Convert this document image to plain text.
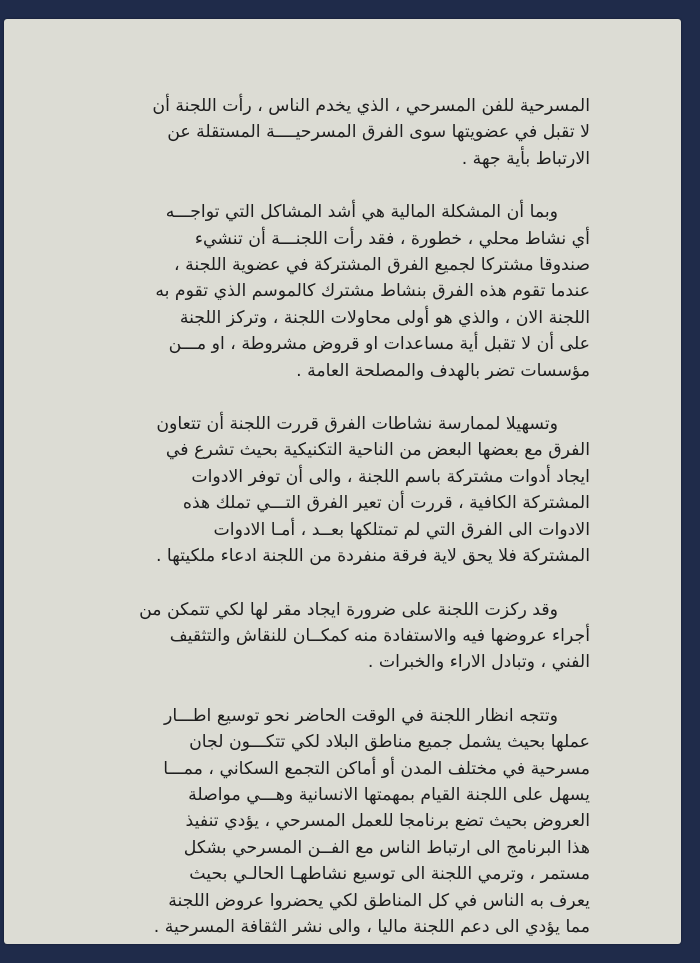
المسرحية للفن المسرحي ، الذي يخدم الناس ، رأت اللجنة أن
لا تقبل في عضويتها سوى الفرق المسرحيــــة المستقلة عن
الارتباط بأية جهة .

وبما أن المشكلة المالية هي أشد المشاكل التي تواجـــه
أي نشاط محلي ، خطورة ، فقد رأت اللجنـــة أن تنشيء
صندوقا مشتركا لجميع الفرق المشتركة في عضوية اللجنة ،
عندما تقوم هذه الفرق بنشاط مشترك كالموسم الذي تقوم به
اللجنة الان ، والذي هو أولى محاولات اللجنة ، وتركز اللجنة
على أن لا تقبل أية مساعدات او قروض مشروطة ، او مـــن
مؤسسات تضر بالهدف والمصلحة العامة .

وتسهيلا لممارسة نشاطات الفرق قررت اللجنة أن تتعاون
الفرق مع بعضها البعض من الناحية التكنيكية بحيث تشرع في
ايجاد أدوات مشتركة باسم اللجنة ، والى أن توفر الادوات
المشتركة الكافية ، قررت أن تعير الفرق التـــي تملك هذه
الادوات الى الفرق التي لم تمتلكها بعــد ، أمـا الادوات
المشتركة فلا يحق لاية فرقة منفردة من اللجنة ادعاء ملكيتها .

وقد ركزت اللجنة على ضرورة ايجاد مقر لها لكي تتمكن من
أجراء عروضها فيه والاستفادة منه كمكــان للنقاش والتثقيف
الفني ، وتبادل الاراء والخبرات .

وتتجه انظار اللجنة في الوقت الحاضر نحو توسيع اطـــار
عملها بحيث يشمل جميع مناطق البلاد لكي تتكـــون لجان
مسرحية في مختلف المدن أو أماكن التجمع السكاني ، ممـــا
يسهل على اللجنة القيام بمهمتها الانسانية وهـــي مواصلة
العروض بحيث تضع برنامجا للعمل المسرحي ، يؤدي تنفيذ
هذا البرنامج الى ارتباط الناس مع الفــن المسرحي بشكل
مستمر ، وترمي اللجنة الى توسيع نشاطهـا الحالـي بحيث
يعرف به الناس في كل المناطق لكي يحضروا عروض اللجنة
مما يؤدي الى دعم اللجنة ماليا ، والى نشر الثقافة المسرحية .
